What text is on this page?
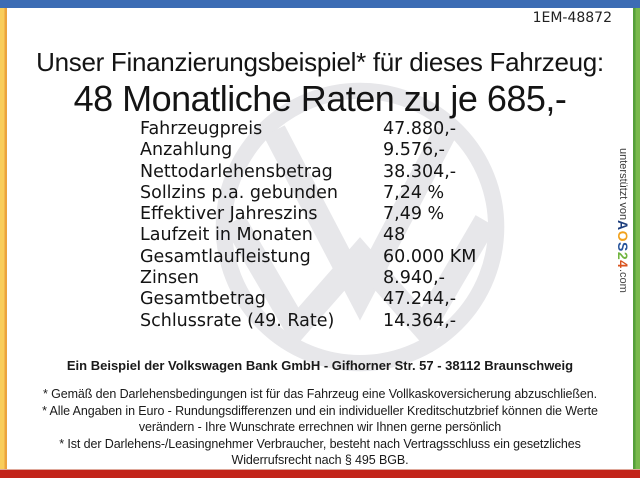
1EM-48872
Unser Finanzierungsbeispiel* für dieses Fahrzeug:
48 Monatliche Raten zu je 685,-
Fahrzeugpreis	47.880,-
Anzahlung	9.576,-
Nettodarlehensbetrag	38.304,-
Sollzins p.a. gebunden	7,24 %
Effektiver Jahreszins	7,49 %
Laufzeit in Monaten	48
Gesamtlaufleistung	60.000 KM
Zinsen	8.940,-
Gesamtbetrag	47.244,-
Schlussrate (49. Rate)	14.364,-
Ein Beispiel der Volkswagen Bank GmbH - Gifhorner Str. 57 - 38112 Braunschweig
* Gemäß den Darlehensbedingungen ist für das Fahrzeug eine Vollkaskoversicherung abzuschließen.
* Alle Angaben in Euro - Rundungsdifferenzen und ein individueller Kreditschutzbrief können die Werte verändern - Ihre Wunschrate errechnen wir Ihnen gerne persönlich
* Ist der Darlehens-/Leasingnehmer Verbraucher, besteht nach Vertragsschluss ein gesetzliches Widerrufsrecht nach § 495 BGB.
unterstützt von
AOS24
.com
